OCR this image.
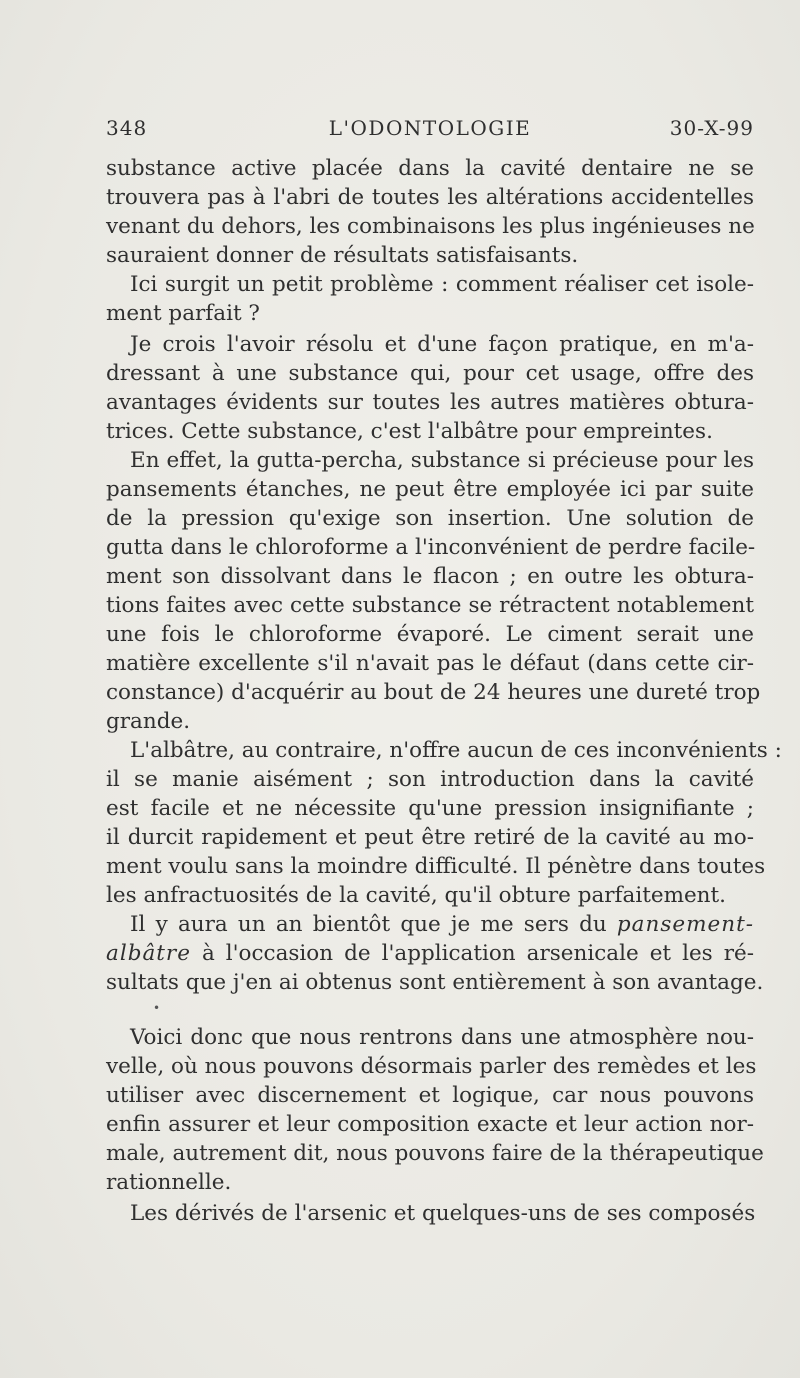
348	L'ODONTOLOGIE	30-X-99
substance active placée dans la cavité dentaire ne se
trouvera pas à l'abri de toutes les altérations accidentelles
venant du dehors, les combinaisons les plus ingénieuses ne
sauraient donner de résultats satisfaisants.
Ici surgit un petit problème : comment réaliser cet isole-
ment parfait ?
Je crois l'avoir résolu et d'une façon pratique, en m'a-
dressant à une substance qui, pour cet usage, offre des
avantages évidents sur toutes les autres matières obtura-
trices. Cette substance, c'est l'albâtre pour empreintes.
En effet, la gutta-percha, substance si précieuse pour les
pansements étanches, ne peut être employée ici par suite
de la pression qu'exige son insertion. Une solution de
gutta dans le chloroforme a l'inconvénient de perdre facile-
ment son dissolvant dans le flacon ; en outre les obtura-
tions faites avec cette substance se rétractent notablement
une fois le chloroforme évaporé. Le ciment serait une
matière excellente s'il n'avait pas le défaut (dans cette cir-
constance) d'acquérir au bout de 24 heures une dureté trop
grande.
L'albâtre, au contraire, n'offre aucun de ces inconvénients :
il se manie aisément ; son introduction dans la cavité
est facile et ne nécessite qu'une pression insignifiante ;
il durcit rapidement et peut être retiré de la cavité au mo-
ment voulu sans la moindre difficulté. Il pénètre dans toutes
les anfractuosités de la cavité, qu'il obture parfaitement.
Il y aura un an bientôt que je me sers du pansement-
albâtre à l'occasion de l'application arsenicale et les ré-
sultats que j'en ai obtenus sont entièrement à son avantage.
•
Voici donc que nous rentrons dans une atmosphère nou-
velle, où nous pouvons désormais parler des remèdes et les
utiliser avec discernement et logique, car nous pouvons
enfin assurer et leur composition exacte et leur action nor-
male, autrement dit, nous pouvons faire de la thérapeutique
rationnelle.
Les dérivés de l'arsenic et quelques-uns de ses composés
